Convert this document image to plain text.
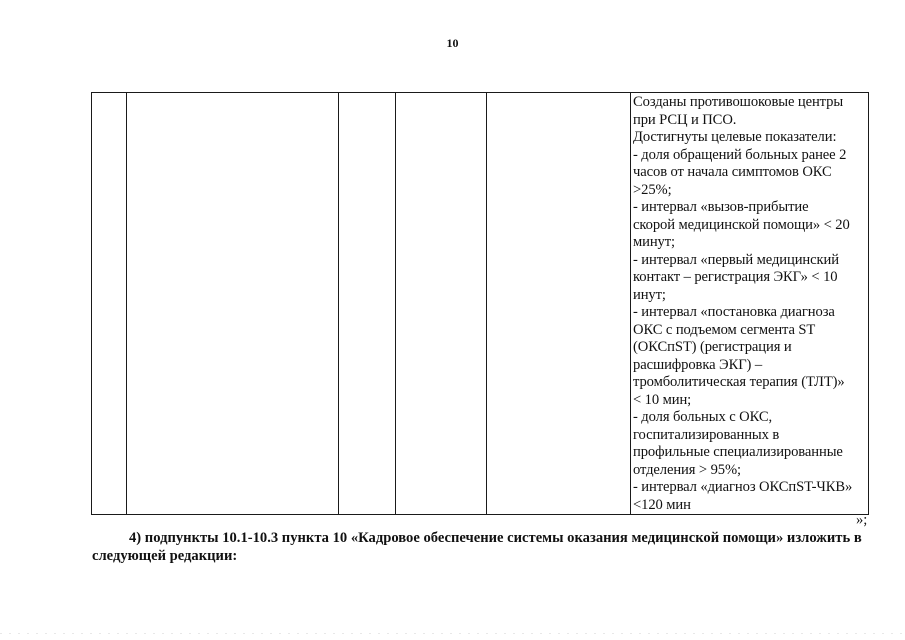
10

Созданы противошоковые центры
при РСЦ и ПСО.
Достигнуты целевые показатели:
- доля обращений больных ранее 2
часов от начала симптомов ОКС
>25%;
- интервал «вызов-прибытие
скорой медицинской помощи» < 20
минут;
- интервал «первый медицинский
контакт – регистрация ЭКГ» < 10
инут;
- интервал «постановка диагноза
ОКС с подъемом сегмента ST
(ОКСпST) (регистрация и
расшифровка ЭКГ) –
тромболитическая терапия (ТЛТ)»
< 10 мин;
- доля больных с ОКС,
госпитализированных в
профильные специализированные
отделения > 95%;
- интервал «диагноз ОКСпST-ЧКВ»
<120 мин
»;
4) подпункты 10.1-10.3 пункта 10 «Кадровое обеспечение системы оказания медицинской помощи» изложить в
следующей редакции:
